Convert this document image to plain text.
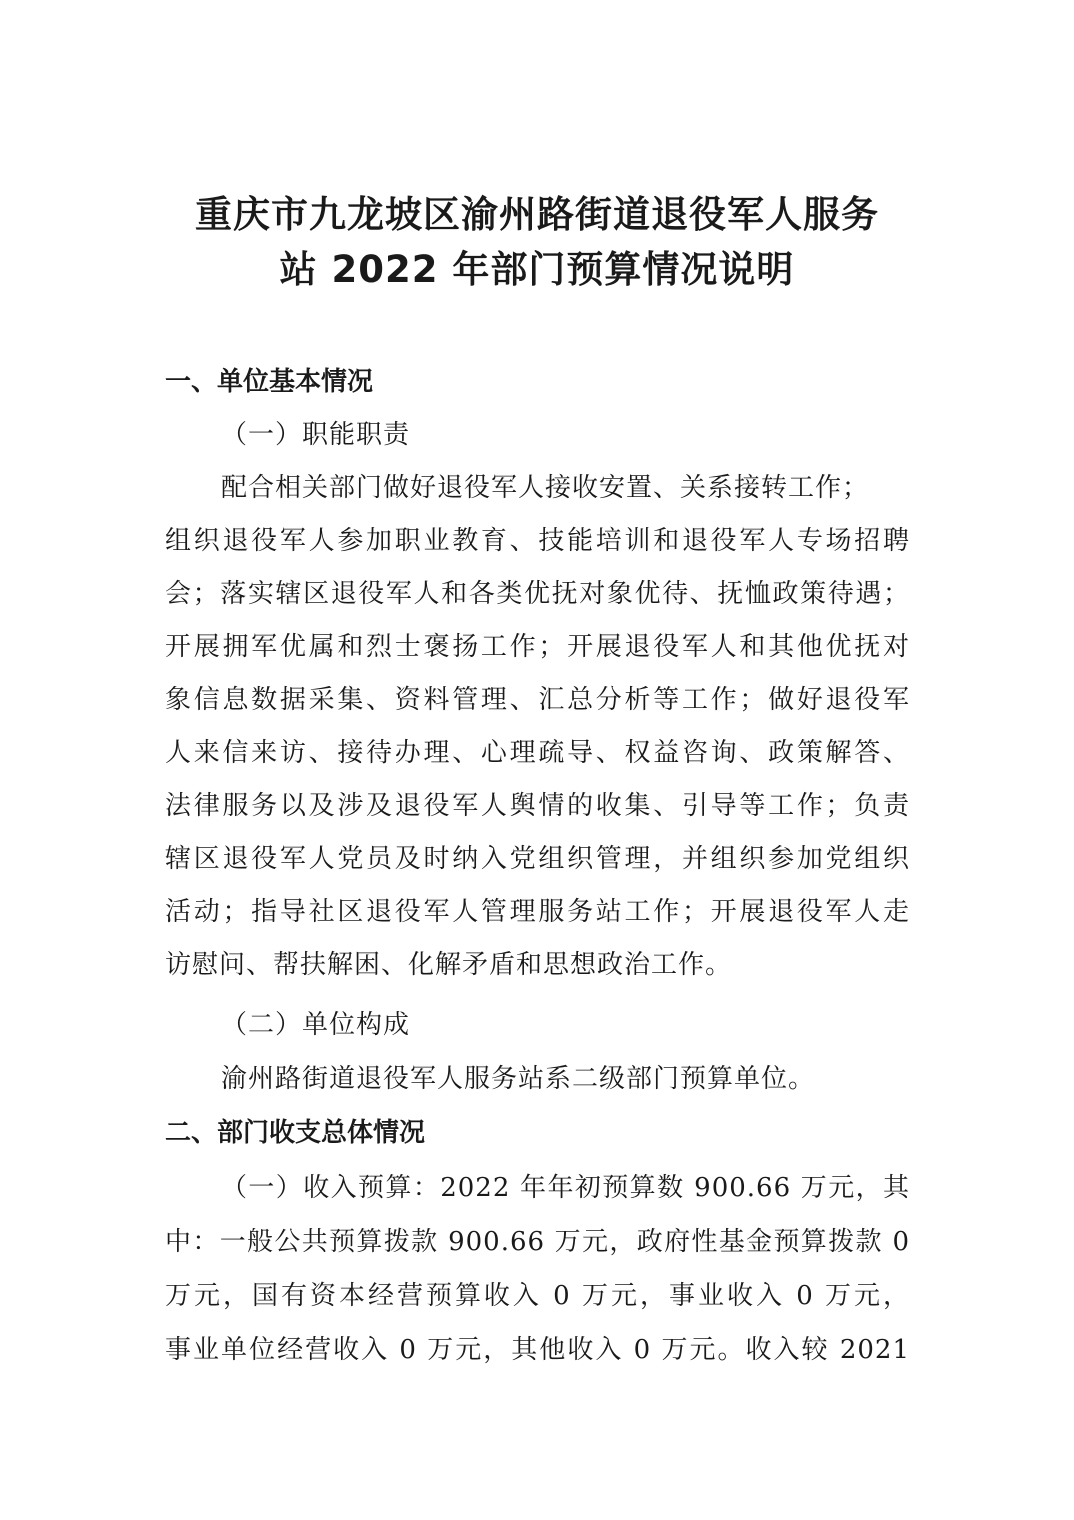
重庆市九龙坡区渝州路街道退役军人服务
站 2022 年部门预算情况说明
一、单位基本情况
（一）职能职责
配合相关部门做好退役军人接收安置、关系接转工作；
组织退役军人参加职业教育、技能培训和退役军人专场招聘
会；落实辖区退役军人和各类优抚对象优待、抚恤政策待遇；
开展拥军优属和烈士褒扬工作；开展退役军人和其他优抚对
象信息数据采集、资料管理、汇总分析等工作；做好退役军
人来信来访、接待办理、心理疏导、权益咨询、政策解答、
法律服务以及涉及退役军人舆情的收集、引导等工作；负责
辖区退役军人党员及时纳入党组织管理，并组织参加党组织
活动；指导社区退役军人管理服务站工作；开展退役军人走
访慰问、帮扶解困、化解矛盾和思想政治工作。
（二）单位构成
渝州路街道退役军人服务站系二级部门预算单位。
二、部门收支总体情况
（一）收入预算：2022 年年初预算数 900.66 万元，其
中：一般公共预算拨款 900.66 万元，政府性基金预算拨款 0
万元，国有资本经营预算收入 0 万元，事业收入 0 万元，
事业单位经营收入 0 万元，其他收入 0 万元。收入较 2021
